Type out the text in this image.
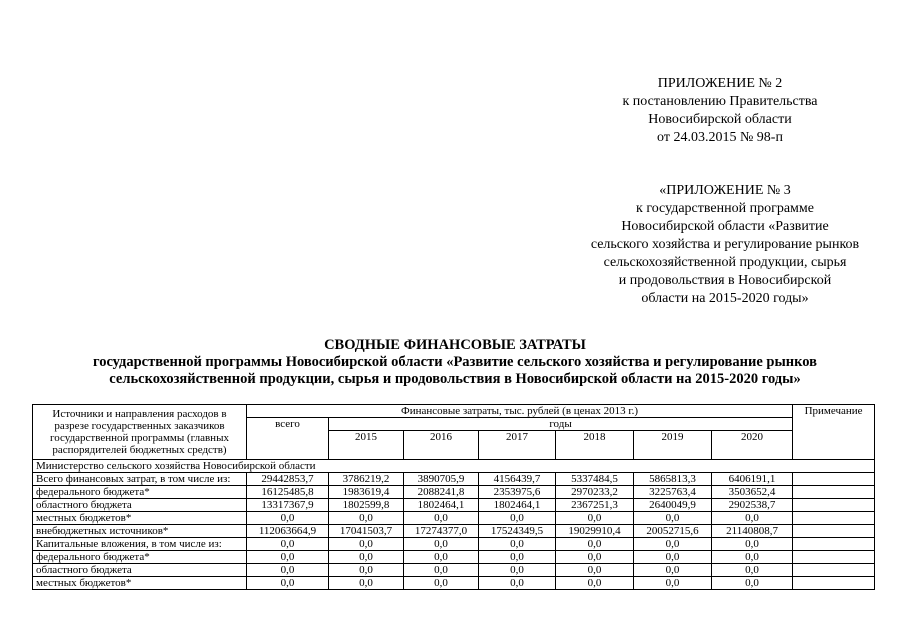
ПРИЛОЖЕНИЕ № 2
к постановлению Правительства
Новосибирской области
от 24.03.2015 № 98-п
«ПРИЛОЖЕНИЕ № 3
к государственной программе
Новосибирской области «Развитие
сельского хозяйства и регулирование рынков
сельскохозяйственной продукции, сырья
и продовольствия в Новосибирской
области на 2015-2020 годы»
СВОДНЫЕ ФИНАНСОВЫЕ ЗАТРАТЫ
государственной программы Новосибирской области «Развитие сельского хозяйства и регулирование рынков
сельскохозяйственной продукции, сырья и продовольствия в Новосибирской области на 2015-2020 годы»
Источники и направления расходов в разрезе государственных заказчиков государственной программы (главных распорядителей бюджетных средств)	Финансовые затраты, тыс. рублей (в ценах 2013 г.)							Примечание
	всего	годы						
		2015	2016	2017	2018	2019	2020	
Министерство сельского хозяйства Новосибирской области								
Всего финансовых затрат, в том числе из:	29442853,7	3786219,2	3890705,9	4156439,7	5337484,5	5865813,3	6406191,1	
федерального бюджета*	16125485,8	1983619,4	2088241,8	2353975,6	2970233,2	3225763,4	3503652,4	
областного бюджета	13317367,9	1802599,8	1802464,1	1802464,1	2367251,3	2640049,9	2902538,7	
местных бюджетов*	0,0	0,0	0,0	0,0	0,0	0,0	0,0	
внебюджетных источников*	112063664,9	17041503,7	17274377,0	17524349,5	19029910,4	20052715,6	21140808,7	
Капитальные вложения, в том числе из:	0,0	0,0	0,0	0,0	0,0	0,0	0,0	
федерального бюджета*	0,0	0,0	0,0	0,0	0,0	0,0	0,0	
областного бюджета	0,0	0,0	0,0	0,0	0,0	0,0	0,0	
местных бюджетов*	0,0	0,0	0,0	0,0	0,0	0,0	0,0	
